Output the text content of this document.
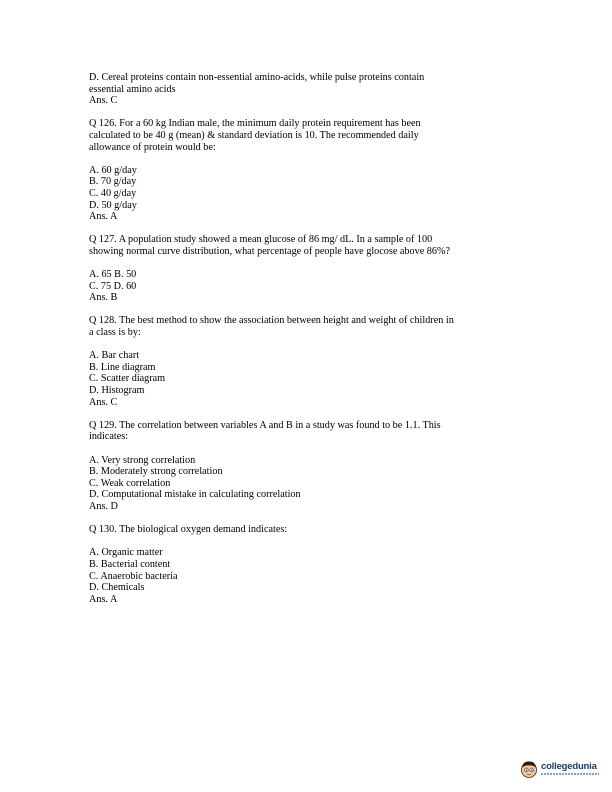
D. Cereal proteins contain non-essential amino-acids, while pulse proteins contain
essential amino acids
Ans. C
Q 126. For a 60 kg Indian male, the minimum daily protein requirement has been
calculated to be 40 g (mean) & standard deviation is 10. The recommended daily
allowance of protein would be:
A. 60 g/day
B. 70 g/day
C. 40 g/day
D. 50 g/day
Ans. A
Q 127. A population study showed a mean glucose of 86 mg/ dL. In a sample of 100
showing normal curve distribution, what percentage of people have glocose above 86%?
A. 65 B. 50
C. 75 D. 60
Ans. B
Q 128. The best method to show the association between height and weight of children in
a class is by:
A. Bar chart
B. Line diagram
C. Scatter diagram
D. Histogram
Ans. C
Q 129. The correlation between variables A and B in a study was found to be 1.1. This
indicates:
A. Very strong correlation
B. Moderately strong correlation
C. Weak correlation
D. Computational mistake in calculating correlation
Ans. D
Q 130. The biological oxygen demand indicates:
A. Organic matter
B. Bacterial content
C. Anaerobic bacteria
D. Chemicals
Ans. A
collegedunia
